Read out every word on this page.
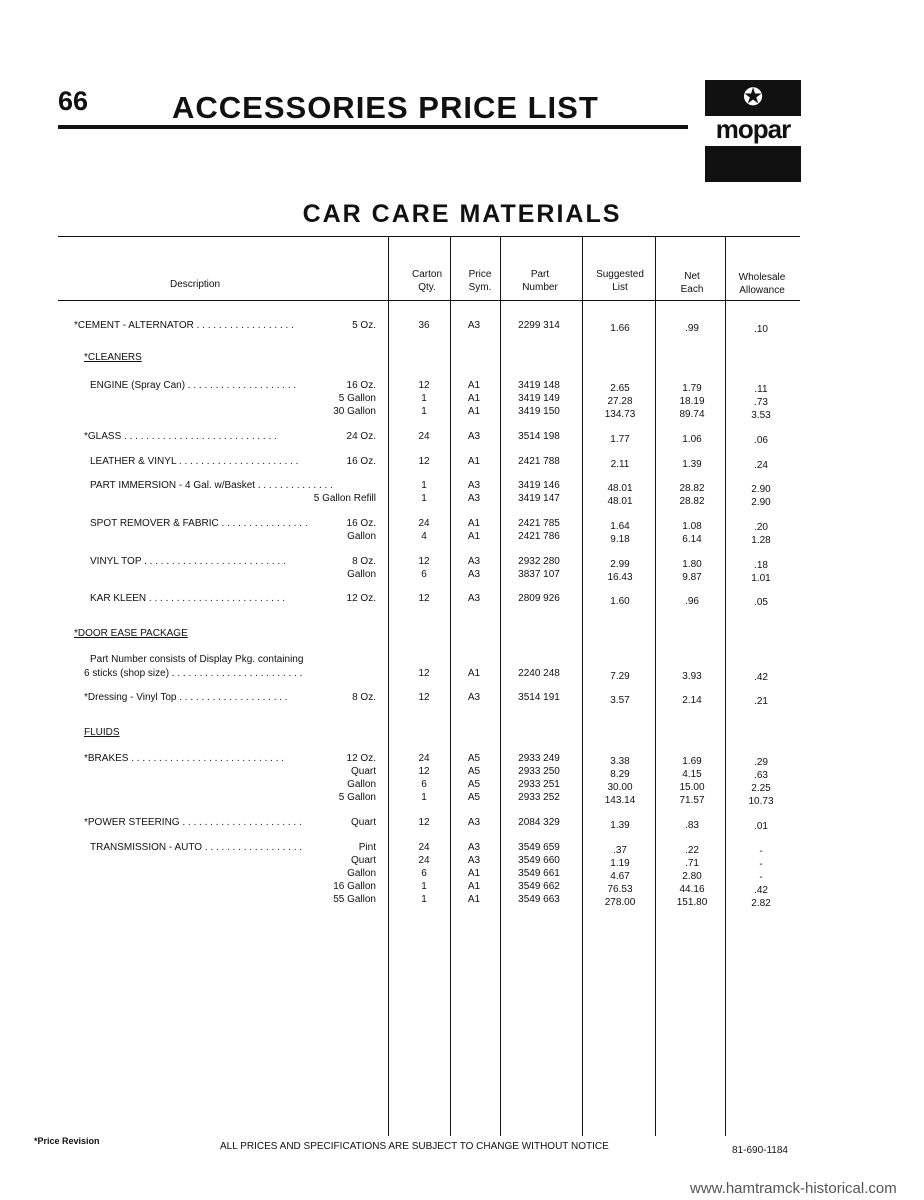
66	ACCESSORIES PRICE LIST	✪
mopar
CAR CARE MATERIALS
Description
Carton
Qty.
Price
Sym.
Part
Number
Suggested
List
Net
Each
Wholesale
Allowance
*CEMENT - ALTERNATOR . . . . . . . . . . . . . . . . . .	5 Oz.	36	A3	2299 314	1.66	.99	.10
*CLEANERS
ENGINE (Spray Can) . . . . . . . . . . . . . . . . . . . .	16 Oz.	12	A1	3419 148	2.65	1.79	.11
5 Gallon	1	A1	3419 149	27.28	18.19	.73
30 Gallon	1	A1	3419 150	134.73	89.74	3.53
*GLASS . . . . . . . . . . . . . . . . . . . . . . . . . . . .	24 Oz.	24	A3	3514 198	1.77	1.06	.06
LEATHER & VINYL . . . . . . . . . . . . . . . . . . . . . .	16 Oz.	12	A1	2421 788	2.11	1.39	.24
PART IMMERSION - 4 Gal. w/Basket . . . . . . . . . . . . . .	1	A3	3419 146	48.01	28.82	2.90
5 Gallon Refill	1	A3	3419 147	48.01	28.82	2.90
SPOT REMOVER & FABRIC . . . . . . . . . . . . . . . .	16 Oz.	24	A1	2421 785	1.64	1.08	.20
Gallon	4	A1	2421 786	9.18	6.14	1.28
VINYL TOP . . . . . . . . . . . . . . . . . . . . . . . . . .	8 Oz.	12	A3	2932 280	2.99	1.80	.18
Gallon	6	A3	3837 107	16.43	9.87	1.01
KAR KLEEN . . . . . . . . . . . . . . . . . . . . . . . . .	12 Oz.	12	A3	2809 926	1.60	.96	.05
*DOOR EASE PACKAGE
Part Number consists of Display Pkg. containing
6 sticks (shop size) . . . . . . . . . . . . . . . . . . . . . . . .	12	A1	2240 248	7.29	3.93	.42
*Dressing - Vinyl Top . . . . . . . . . . . . . . . . . . . .	8 Oz.	12	A3	3514 191	3.57	2.14	.21
FLUIDS
*BRAKES . . . . . . . . . . . . . . . . . . . . . . . . . . . .	12 Oz.	24	A5	2933 249	3.38	1.69	.29
Quart	12	A5	2933 250	8.29	4.15	.63
Gallon	6	A5	2933 251	30.00	15.00	2.25
5 Gallon	1	A5	2933 252	143.14	71.57	10.73
*POWER STEERING . . . . . . . . . . . . . . . . . . . . . .	Quart	12	A3	2084 329	1.39	.83	.01
TRANSMISSION - AUTO . . . . . . . . . . . . . . . . . .	Pint	24	A3	3549 659	.37	.22	-
Quart	24	A3	3549 660	1.19	.71	-
Gallon	6	A1	3549 661	4.67	2.80	-
16 Gallon	1	A1	3549 662	76.53	44.16	.42
55 Gallon	1	A1	3549 663	278.00	151.80	2.82
*Price Revision	ALL PRICES AND SPECIFICATIONS ARE SUBJECT TO CHANGE WITHOUT NOTICE	81-690-1184
www.hamtramck-historical.com
